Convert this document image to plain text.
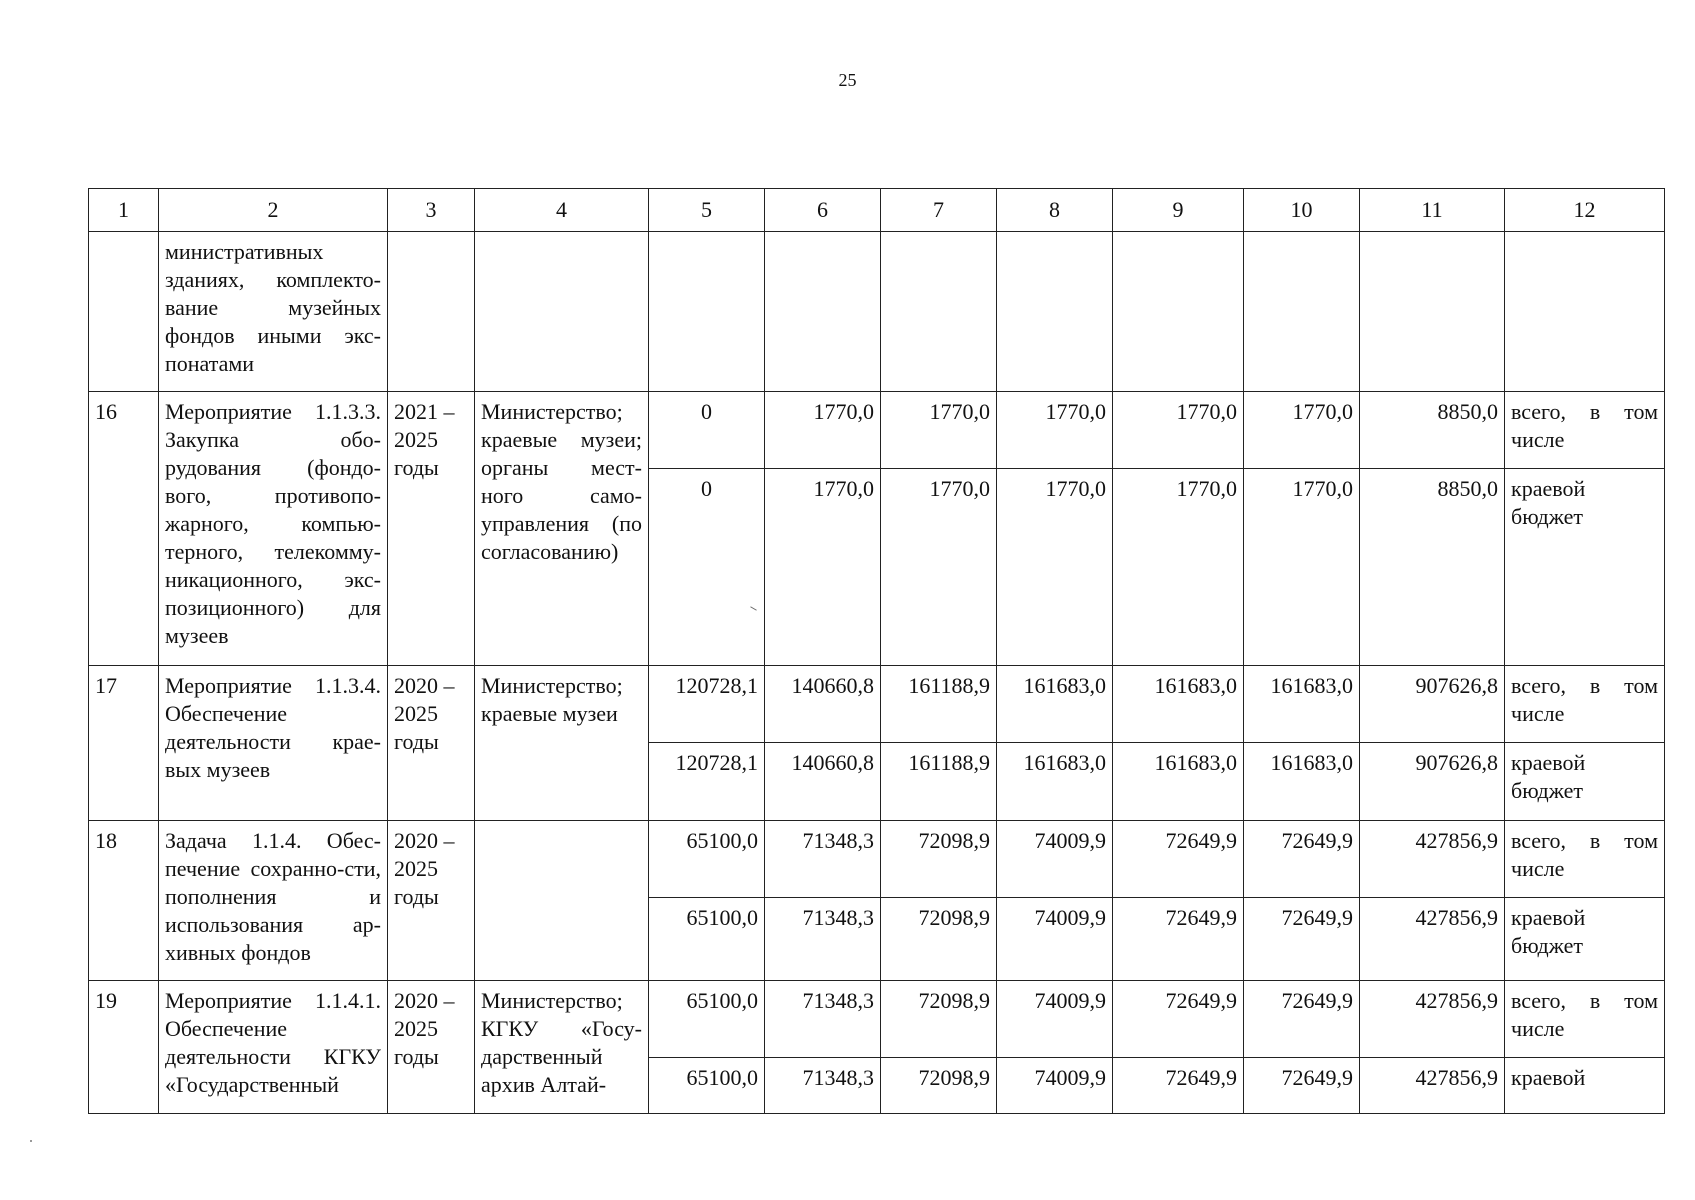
25
1	2	3	4	5	6	7	8	9	10	11	12
	министративных зданиях, комплекто-вание музейных фондов иными экс-понатами										
16	Мероприятие 1.1.3.3. Закупка обо-рудования (фондо-вого, противопо-жарного, компью-терного, телекомму-никационного, экс-позиционного) для музеев	2021 – 2025 годы	Министерство; краевые музеи; органы мест-ного само-управления (по согласованию)	0	1770,0	1770,0	1770,0	1770,0	1770,0	8850,0	всего, в том числе
				0	1770,0	1770,0	1770,0	1770,0	1770,0	8850,0	краевой бюджет
17	Мероприятие 1.1.3.4. Обеспечение деятельности крае-вых музеев	2020 – 2025 годы	Министерство; краевые музеи	120728,1	140660,8	161188,9	161683,0	161683,0	161683,0	907626,8	всего, в том числе
				120728,1	140660,8	161188,9	161683,0	161683,0	161683,0	907626,8	краевой бюджет
18	Задача 1.1.4. Обес-печение сохранно-сти, пополнения и использования ар-хивных фондов	2020 – 2025 годы		65100,0	71348,3	72098,9	74009,9	72649,9	72649,9	427856,9	всего, в том числе
				65100,0	71348,3	72098,9	74009,9	72649,9	72649,9	427856,9	краевой бюджет
19	Мероприятие 1.1.4.1. Обеспечение деятельности КГКУ «Государственный	2020 – 2025 годы	Министерство; КГКУ «Госу-дарственный архив Алтай-	65100,0	71348,3	72098,9	74009,9	72649,9	72649,9	427856,9	всего, в том числе
				65100,0	71348,3	72098,9	74009,9	72649,9	72649,9	427856,9	краевой
